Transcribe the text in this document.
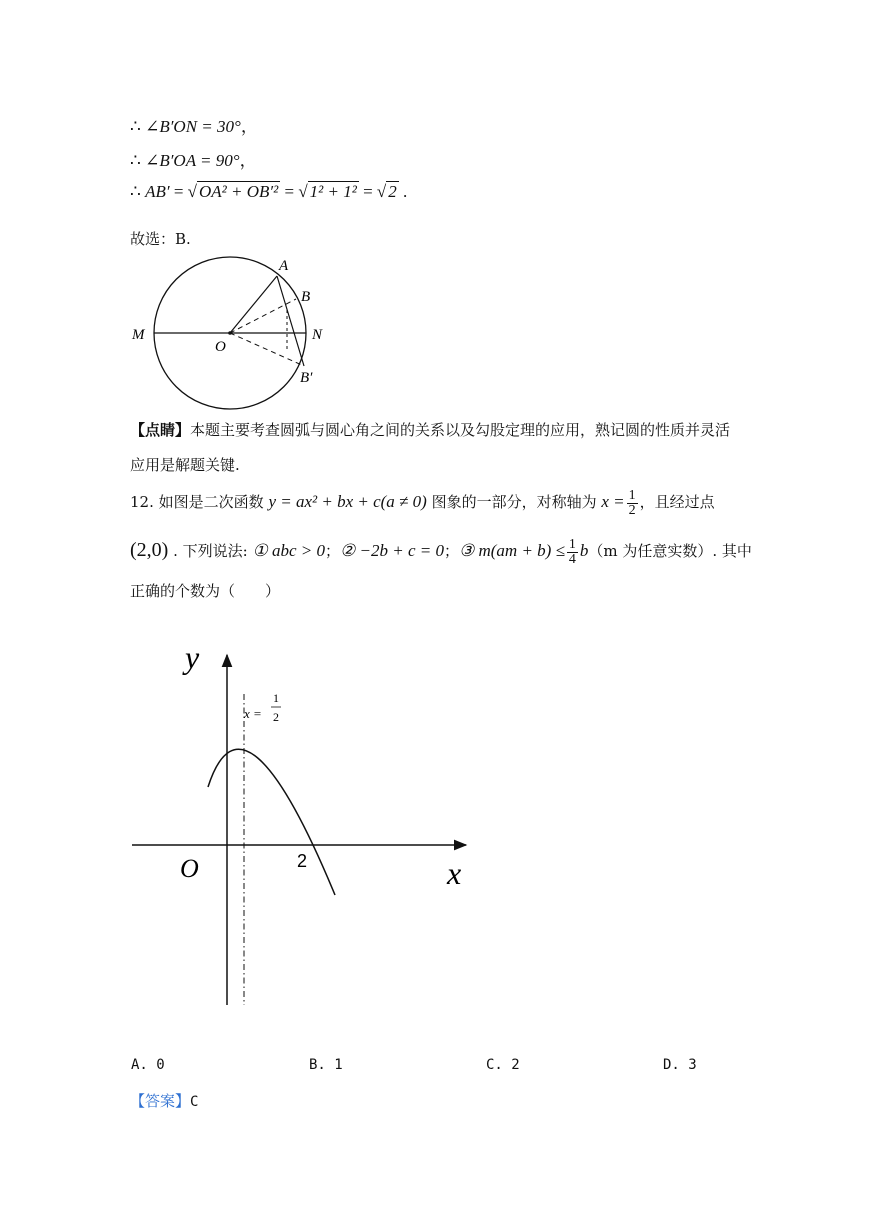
∴ ∠B′ON = 30°，
∴ ∠B′OA = 90°，
∴ AB′ = √ OA² + OB′² = √ 1² + 1² = √ 2 .
故选：B.
A
B
M	N
O
B′
【点睛】本题主要考查圆弧与圆心角之间的关系以及勾股定理的应用，熟记圆的性质并灵活
应用是解题关键.
12. 如图是二次函数 y = ax² + bx + c(a ≠ 0) 图象的一部分，对称轴为 $x = \frac{1}{2}$ ，且经过点
(2,0) . 下列说法: ① abc > 0；② −2b + c = 0；③ $m(am + b) \le \frac{1}{4} b(m$ 为任意实数）. 其中
正确的个数为（　　）
y
x
O	2
x =
1
2
A. 0	B. 1	C. 2	D. 3
【答案】C
